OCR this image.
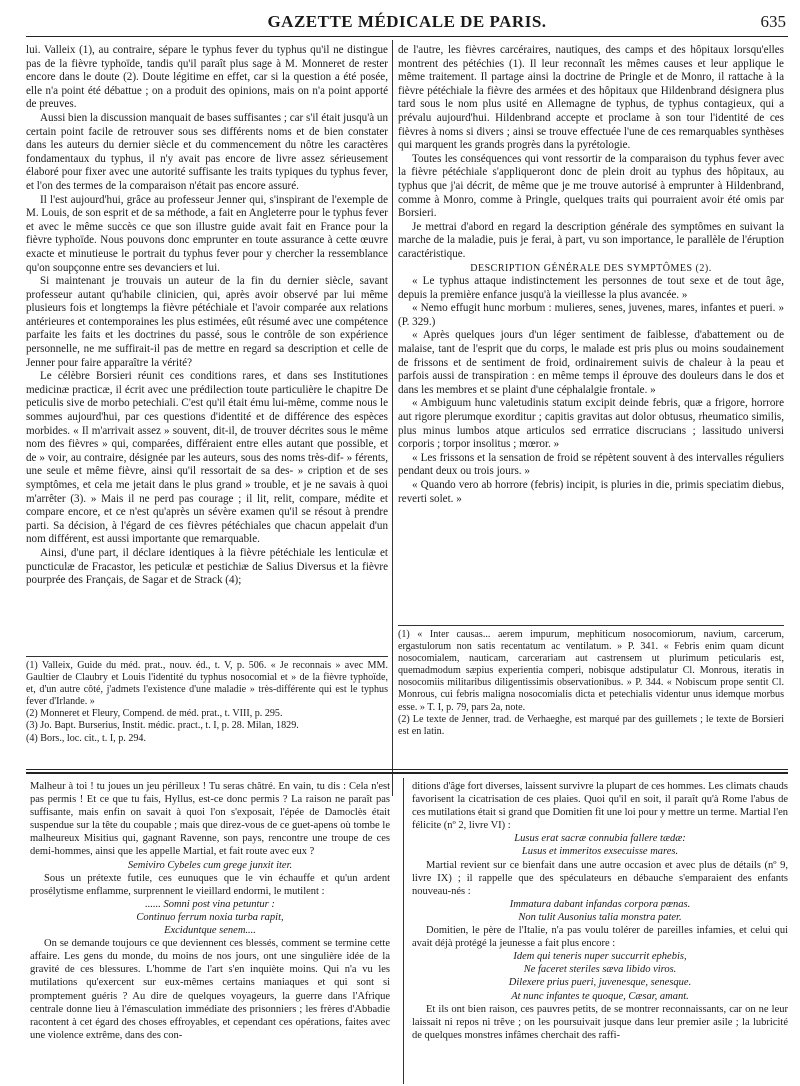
GAZETTE MÉDICALE DE PARIS.	635

lui. Valleix (1), au contraire, sépare le typhus fever du typhus qu'il ne distingue pas de la fièvre typhoïde, tandis qu'il paraît plus sage à M. Monneret de rester encore dans le doute (2). Doute légitime en effet, car si la question a été posée, elle n'a point été débattue ; on a produit des opinions, mais on n'a point apporté de preuves.

Aussi bien la discussion manquait de bases suffisantes ; car s'il était jusqu'à un certain point facile de retrouver sous ses différents noms et de bien constater dans les auteurs du dernier siècle et du commencement du nôtre les caractères fondamentaux du typhus, il n'y avait pas encore de livre assez sérieusement élaboré pour fixer avec une autorité suffisante les traits typiques du typhus fever, et l'on des termes de la comparaison n'était pas encore assuré.

Il l'est aujourd'hui, grâce au professeur Jenner qui, s'inspirant de l'exemple de M. Louis, de son esprit et de sa méthode, a fait en Angleterre pour le typhus fever et avec le même succès ce que son illustre guide avait fait en France pour la fièvre typhoïde. Nous pouvons donc emprunter en toute assurance à cette œuvre exacte et minutieuse le portrait du typhus fever pour y chercher la ressemblance qu'on soupçonne entre ses devanciers et lui.

Si maintenant je trouvais un auteur de la fin du dernier siècle, savant professeur autant qu'habile clinicien, qui, après avoir observé par lui même plusieurs fois et longtemps la fièvre pétéchiale et l'avoir comparée aux relations antérieures et contemporaines les plus estimées, eût résumé avec une compétence parfaite les faits et les doctrines du passé, sous le contrôle de son expérience personnelle, ne me suffirait-il pas de mettre en regard sa description et celle de Jenner pour faire apparaître la vérité?

Le célèbre Borsieri réunit ces conditions rares, et dans ses Institutiones medicinæ practicæ, il écrit avec une prédilection toute particulière le chapitre De peticulis sive de morbo petechiali. C'est qu'il était ému lui-même, comme nous le sommes aujourd'hui, par ces questions d'identité et de différence des espèces morbides. « Il m'arrivait assez » souvent, dit-il, de trouver décrites sous le même nom des fièvres » qui, comparées, différaient entre elles autant que possible, et de » voir, au contraire, désignée par les auteurs, sous des noms très-dif- » férents, une seule et même fièvre, ainsi qu'il ressortait de sa des- » cription et de ses symptômes, et cela me jetait dans le plus grand » trouble, et je ne savais à quoi m'arrêter (3). » Mais il ne perd pas courage ; il lit, relit, compare, médite et compare encore, et ce n'est qu'après un sévère examen qu'il se résout à prendre parti. Sa décision, à l'égard de ces fièvres pétéchiales que chacun appelait d'un nom différent, est aussi importante que remarquable.

Ainsi, d'une part, il déclare identiques à la fièvre pétéchiale les lenticulæ et puncticulæ de Fracastor, les peticulæ et pestichiæ de Salius Diversus et la fièvre pourprée des Français, de Sagar et de Strack (4);

(1) Valleix, Guide du méd. prat., nouv. éd., t. V, p. 506. « Je reconnais » avec MM. Gaultier de Claubry et Louis l'identité du typhus nosocomial et » de la fièvre typhoïde, et, d'un autre côté, j'admets l'existence d'une maladie » très-différente qui est le typhus fever d'Irlande. »

(2) Monneret et Fleury, Compend. de méd. prat., t. VIII, p. 295.

(3) Jo. Bapt. Burserius, Instit. médic. pract., t. I, p. 28. Milan, 1829.

(4) Bors., loc. cit., t. I, p. 294.

de l'autre, les fièvres carcéraires, nautiques, des camps et des hôpitaux lorsqu'elles montrent des pétéchies (1). Il leur reconnaît les mêmes causes et leur applique le même traitement. Il partage ainsi la doctrine de Pringle et de Monro, il rattache à la fièvre pétéchiale la fièvre des armées et des hôpitaux que Hildenbrand désignera plus tard sous le nom plus usité en Allemagne de typhus, de typhus contagieux, qui a prévalu aujourd'hui. Hildenbrand accepte et proclame à son tour l'identité de ces fièvres à noms si divers ; ainsi se trouve effectuée l'une de ces remarquables synthèses qui marquent les grands progrès dans la pyrétologie.

Toutes les conséquences qui vont ressortir de la comparaison du typhus fever avec la fièvre pétéchiale s'appliqueront donc de plein droit au typhus des hôpitaux, au typhus que j'ai décrit, de même que je me trouve autorisé à emprunter à Hildenbrand, comme à Monro, comme à Pringle, quelques traits qui pourraient avoir été omis par Borsieri.

Je mettrai d'abord en regard la description générale des symptômes en suivant la marche de la maladie, puis je ferai, à part, vu son importance, le parallèle de l'éruption caractéristique.

DESCRIPTION GÉNÉRALE DES SYMPTÔMES (2).

« Le typhus attaque indistinctement les personnes de tout sexe et de tout âge, depuis la première enfance jusqu'à la vieillesse la plus avancée. »

« Nemo effugit hunc morbum : mulieres, senes, juvenes, mares, infantes et pueri. » (P. 329.)

« Après quelques jours d'un léger sentiment de faiblesse, d'abattement ou de malaise, tant de l'esprit que du corps, le malade est pris plus ou moins soudainement de frissons et de sentiment de froid, ordinairement suivis de chaleur à la peau et parfois aussi de transpiration : en même temps il éprouve des douleurs dans le dos et dans les membres et se plaint d'une céphalalgie frontale. »

« Ambiguum hunc valetudinis statum excipit deinde febris, quæ a frigore, horrore aut rigore plerumque exorditur ; capitis gravitas aut dolor obtusus, rheumatico similis, plus minus lumbos atque articulos sed errratice discrucians ; lassitudo universi corporis ; torpor insolitus ; mœror. »

« Les frissons et la sensation de froid se répètent souvent à des intervalles réguliers pendant deux ou trois jours. »

« Quando vero ab horrore (febris) incipit, is pluries in die, primis speciatim diebus, reverti solet. »

(1) « Inter causas... aerem impurum, mephiticum nosocomiorum, navium, carcerum, ergastulorum non satis recentatum ac ventilatum. » P. 341. « Febris enim quam dicunt nosocomialem, nauticam, carcerariam aut castrensem ut plurimum peticularis est, quemadmodum sæpius experientia comperi, nobisque adstipulatur Cl. Monrous, iteratis in nosocomiis militaribus diligentissimis observationibus. » P. 344. « Nobiscum prope sentit Cl. Monrous, cui febris maligna nosocomialis dicta et petechialis videntur unus idemque morbus esse. » T. I, p. 79, pars 2a, note.

(2) Le texte de Jenner, trad. de Verhaeghe, est marqué par des guillemets ; le texte de Borsieri est en latin.

Malheur à toi ! tu joues un jeu périlleux ! Tu seras châtré. En vain, tu dis : Cela n'est pas permis ! Et ce que tu fais, Hyllus, est-ce donc permis ? La raison ne paraît pas suffisante, mais enfin on savait à quoi l'on s'exposait, l'épée de Damoclès était suspendue sur la tête du coupable ; mais que direz-vous de ce guet-apens où tombe le malheureux Misitius qui, gagnant Ravenne, son pays, rencontre une troupe de ces demi-hommes, ainsi que les appelle Martial, et fait route avec eux ?

Semiviro Cybeles cum grege junxit iter.

Sous un prétexte futile, ces eunuques que le vin échauffe et qu'un ardent prosélytisme enflamme, surprennent le vieillard endormi, le mutilent :

...... Somni post vina petuntur :
Continuo ferrum noxia turba rapit,
Exciduntque senem....

On se demande toujours ce que deviennent ces blessés, comment se termine cette affaire. Les gens du monde, du moins de nos jours, ont une singulière idée de la gravité de ces blessures. L'homme de l'art s'en inquiète moins. Qui n'a vu les mutilations qu'exercent sur eux-mêmes certains maniaques et qui sont si promptement guéris ? Au dire de quelques voyageurs, la guerre dans l'Afrique centrale donne lieu à l'émasculation immédiate des prisonniers ; les frères d'Abbadie racontent à cet égard des choses effroyables, et cependant ces opérations, faites avec une violence extrême, dans des con-

ditions d'âge fort diverses, laissent survivre la plupart de ces hommes. Les climats chauds favorisent la cicatrisation de ces plaies. Quoi qu'il en soit, il paraît qu'à Rome l'abus de ces mutilations était si grand que Domitien fit une loi pour y mettre un terme. Martial l'en félicite (nº 2, livre VI) :

Lusus erat sacræ connubia fallere tædæ:
Lusus et immeritos exsecuisse mares.

Martial revient sur ce bienfait dans une autre occasion et avec plus de détails (nº 9, livre IX) ; il rappelle que des spéculateurs en débauche s'emparaient des enfants nouveau-nés :

Immatura dabant infandas corpora pœnas.
Non tulit Ausonius talia monstra pater.

Domitien, le père de l'Italie, n'a pas voulu tolérer de pareilles infamies, et celui qui avait déjà protégé la jeunesse a fait plus encore :

Idem qui teneris nuper succurrit ephebis,
Ne faceret steriles sæva libido viros.
Dilexere prius pueri, juvenesque, senesque.
At nunc infantes te quoque, Cæsar, amant.

Et ils ont bien raison, ces pauvres petits, de se montrer reconnaissants, car on ne leur laissait ni repos ni trêve ; on les poursuivait jusque dans leur premier asile ; la lubricité de quelques monstres infâmes cherchait des raffi-
